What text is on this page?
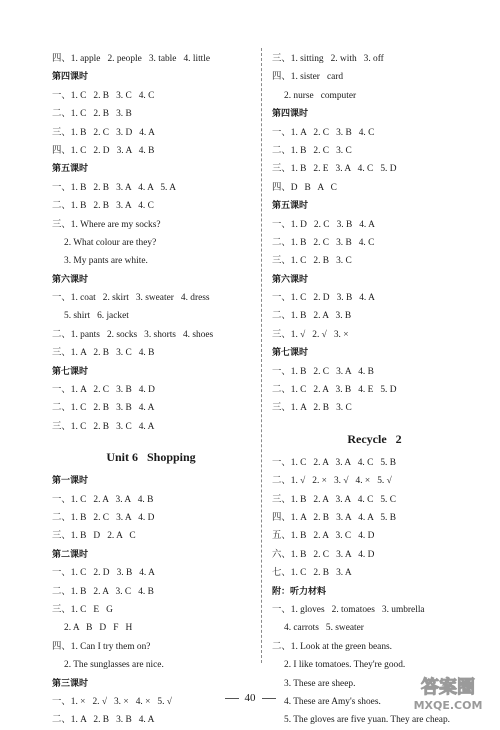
四、1. apple   2. people   3. table   4. little
第四课时
一、1. C   2. B   3. C   4. C
二、1. C   2. B   3. B
三、1. B   2. C   3. D   4. A
四、1. C   2. D   3. A   4. B
第五课时
一、1. B   2. B   3. A   4. A   5. A
二、1. B   2. B   3. A   4. C
三、1. Where are my socks?
2. What colour are they?
3. My pants are white.
第六课时
一、1. coat   2. skirt   3. sweater   4. dress
5. shirt   6. jacket
二、1. pants   2. socks   3. shorts   4. shoes
三、1. A   2. B   3. C   4. B
第七课时
一、1. A   2. C   3. B   4. D
二、1. C   2. B   3. B   4. A
三、1. C   2. B   3. C   4. A
Unit 6   Shopping
第一课时
一、1. C   2. A   3. A   4. B
二、1. B   2. C   3. A   4. D
三、1. B   D   2. A   C
第二课时
一、1. C   2. D   3. B   4. A
二、1. B   2. A   3. C   4. B
三、1. C   E   G
2. A   B   D   F   H
四、1. Can I try them on?
2. The sunglasses are nice.
第三课时
一、1. ×   2. √   3. ×   4. ×   5. √
二、1. A   2. B   3. B   4. A
三、1. sitting   2. with   3. off
四、1. sister   card
2. nurse   computer
第四课时
一、1. A   2. C   3. B   4. C
二、1. B   2. C   3. C
三、1. B   2. E   3. A   4. C   5. D
四、D   B   A   C
第五课时
一、1. D   2. C   3. B   4. A
二、1. B   2. C   3. B   4. C
三、1. C   2. B   3. C
第六课时
一、1. C   2. D   3. B   4. A
二、1. B   2. A   3. B
三、1. √   2. √   3. ×
第七课时
一、1. B   2. C   3. A   4. B
二、1. C   2. A   3. B   4. E   5. D
三、1. A   2. B   3. C
Recycle   2
一、1. C   2. A   3. A   4. C   5. B
二、1. √   2. ×   3. √   4. ×   5. √
三、1. B   2. A   3. A   4. C   5. C
四、1. A   2. B   3. A   4. A   5. B
五、1. B   2. A   3. C   4. D
六、1. B   2. C   3. A   4. D
七、1. C   2. B   3. A
附：听力材料
一、1. gloves   2. tomatoes   3. umbrella
4. carrots   5. sweater
二、1. Look at the green beans.
2. I like tomatoes. They're good.
3. These are sheep.
4. These are Amy's shoes.
5. The gloves are five yuan. They are cheap.
40	答案圈
MXQE.COM
